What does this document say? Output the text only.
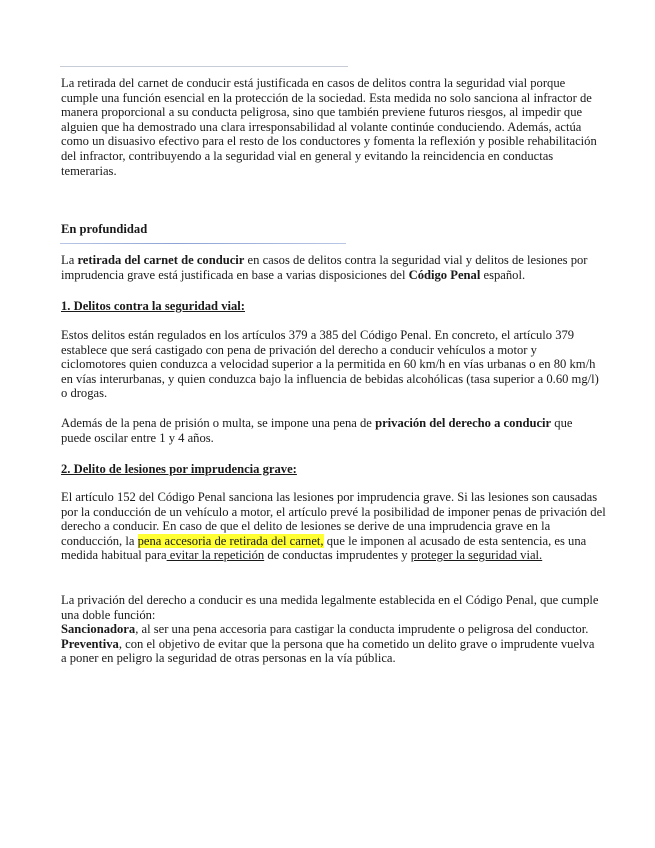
La retirada del carnet de conducir está justificada en casos de delitos contra la seguridad vial porque cumple una función esencial en la protección de la sociedad. Esta medida no solo sanciona al infractor de manera proporcional a su conducta peligrosa, sino que también previene futuros riesgos, al impedir que alguien que ha demostrado una clara irresponsabilidad al volante continúe conduciendo. Además, actúa como un disuasivo efectivo para el resto de los conductores y fomenta la reflexión y posible rehabilitación del infractor, contribuyendo a la seguridad vial en general y evitando la reincidencia en conductas temerarias.

En profundidad

La retirada del carnet de conducir en casos de delitos contra la seguridad vial y delitos de lesiones por imprudencia grave está justificada en base a varias disposiciones del Código Penal español.

1. Delitos contra la seguridad vial:

Estos delitos están regulados en los artículos 379 a 385 del Código Penal. En concreto, el artículo 379 establece que será castigado con pena de privación del derecho a conducir vehículos a motor y ciclomotores quien conduzca a velocidad superior a la permitida en 60 km/h en vías urbanas o en 80 km/h en vías interurbanas, y quien conduzca bajo la influencia de bebidas alcohólicas (tasa superior a 0.60 mg/l) o drogas.

Además de la pena de prisión o multa, se impone una pena de privación del derecho a conducir que puede oscilar entre 1 y 4 años.

2. Delito de lesiones por imprudencia grave:

El artículo 152 del Código Penal sanciona las lesiones por imprudencia grave. Si las lesiones son causadas por la conducción de un vehículo a motor, el artículo prevé la posibilidad de imponer penas de privación del derecho a conducir. En caso de que el delito de lesiones se derive de una imprudencia grave en la conducción, la pena accesoria de retirada del carnet, que le imponen al acusado de esta sentencia, es una medida habitual para evitar la repetición de conductas imprudentes y proteger la seguridad vial.

La privación del derecho a conducir es una medida legalmente establecida en el Código Penal, que cumple una doble función:
Sancionadora, al ser una pena accesoria para castigar la conducta imprudente o peligrosa del conductor.
Preventiva, con el objetivo de evitar que la persona que ha cometido un delito grave o imprudente vuelva a poner en peligro la seguridad de otras personas en la vía pública.
